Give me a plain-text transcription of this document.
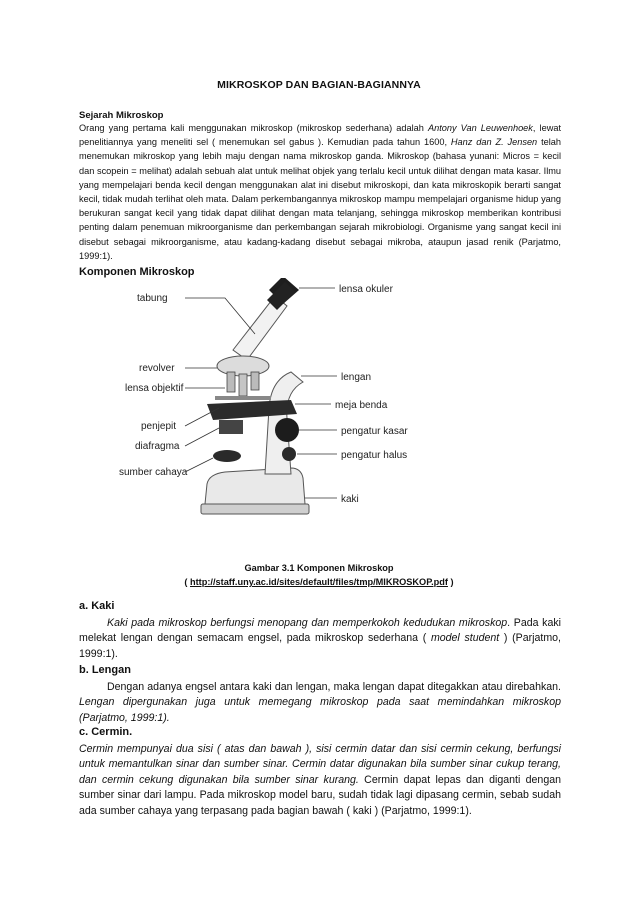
MIKROSKOP DAN BAGIAN-BAGIANNYA
Sejarah Mikroskop
Orang yang pertama kali menggunakan mikroskop (mikroskop sederhana) adalah Antony Van Leuwenhoek, lewat penelitiannya yang meneliti sel ( menemukan sel gabus ). Kemudian pada tahun 1600, Hanz dan Z. Jensen telah menemukan mikroskop yang lebih maju dengan nama mikroskop ganda. Mikroskop (bahasa yunani: Micros = kecil dan scopein = melihat) adalah sebuah alat untuk melihat objek yang terlalu kecil untuk dilihat dengan mata kasar. Ilmu yang mempelajari benda kecil dengan menggunakan alat ini disebut mikroskopi, dan kata mikroskopik berarti sangat kecil, tidak mudah terlihat oleh mata. Dalam perkembangannya mikroskop mampu mempelajari organisme hidup yang berukuran sangat kecil yang tidak dapat dilihat dengan mata telanjang, sehingga mikroskop memberikan kontribusi penting dalam penemuan mikroorganisme dan perkembangan sejarah mikrobiologi. Organisme yang sangat kecil ini disebut sebagai mikroorganisme, atau kadang-kadang disebut sebagai mikroba, ataupun jasad renik (Parjatmo, 1999:1).
Komponen Mikroskop
lensa okuler
tabung
revolver
lensa objektif
lengan
meja benda
penjepit
diafragma
pengatur kasar
pengatur halus
sumber cahaya
kaki
Gambar 3.1 Komponen Mikroskop
( http://staff.uny.ac.id/sites/default/files/tmp/MIKROSKOP.pdf )
a. Kaki
Kaki pada mikroskop berfungsi menopang dan memperkokoh kedudukan mikroskop. Pada kaki melekat lengan dengan semacam engsel, pada mikroskop sederhana ( model student ) (Parjatmo, 1999:1).
b. Lengan
Dengan adanya engsel antara kaki dan lengan, maka lengan dapat ditegakkan atau direbahkan. Lengan dipergunakan juga untuk memegang mikroskop pada saat memindahkan mikroskop (Parjatmo, 1999:1).
c. Cermin.
Cermin mempunyai dua sisi ( atas dan bawah ), sisi cermin datar dan sisi cermin cekung, berfungsi untuk memantulkan sinar dan sumber sinar. Cermin datar digunakan bila sumber sinar cukup terang, dan cermin cekung digunakan bila sumber sinar kurang. Cermin dapat lepas dan diganti dengan sumber sinar dari lampu. Pada mikroskop model baru, sudah tidak lagi dipasang cermin, sebab sudah ada sumber cahaya yang terpasang pada bagian bawah ( kaki ) (Parjatmo, 1999:1).
